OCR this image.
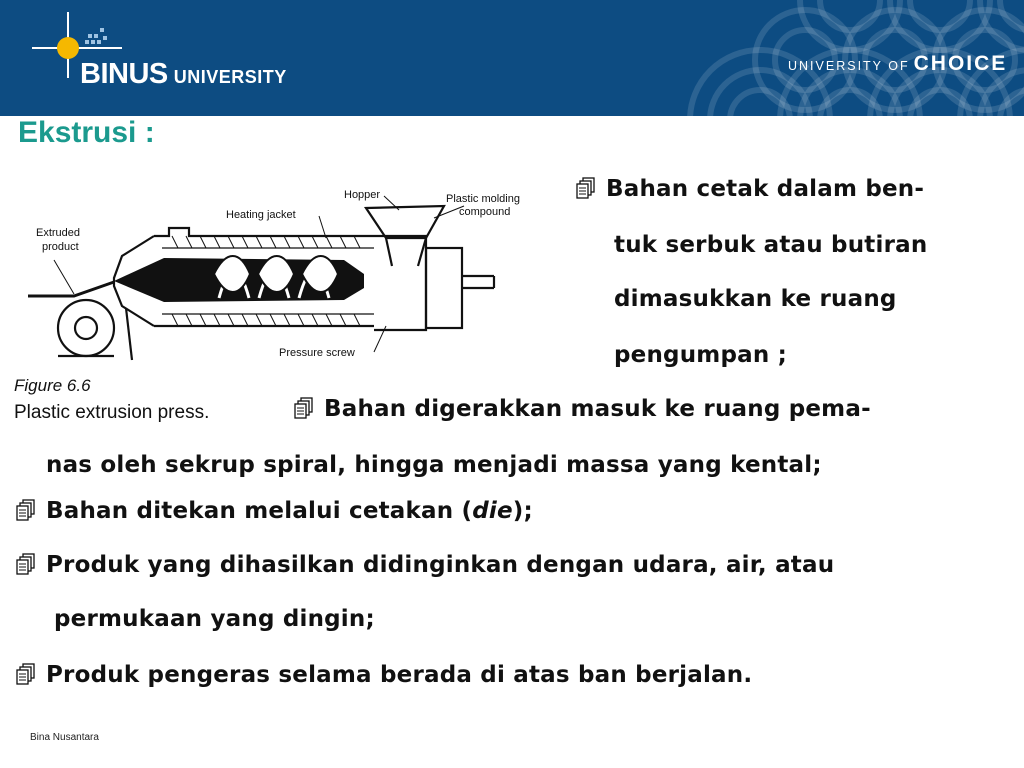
BINUS UNIVERSITY
UNIVERSITY OF CHOICE
Ekstrusi :
Hopper	Plastic molding
compound
Heating jacket
Extruded
product
Pressure screw
Figure 6.6
Plastic extrusion press.
Bahan cetak dalam ben-
tuk serbuk atau butiran
dimasukkan ke ruang
pengumpan ;
Bahan digerakkan masuk ke ruang pema-
nas oleh sekrup spiral, hingga menjadi massa yang kental;
Bahan ditekan melalui cetakan (die);
Produk yang dihasilkan didinginkan dengan udara, air, atau
permukaan yang dingin;
Produk pengeras selama berada di atas ban berjalan.
Bina Nusantara
